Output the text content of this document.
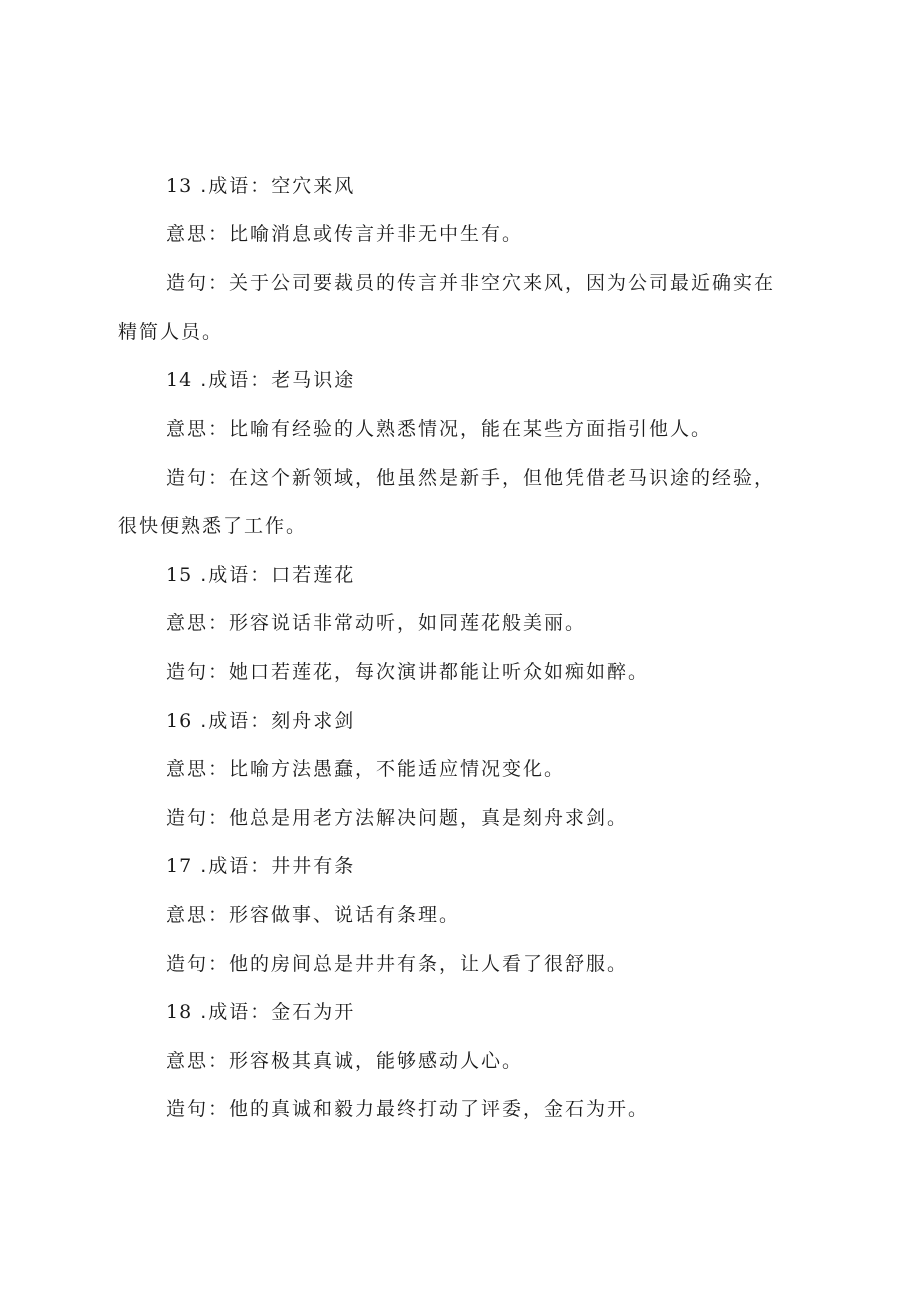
13 .成语：空穴来风
意思：比喻消息或传言并非无中生有。
造句：关于公司要裁员的传言并非空穴来风，因为公司最近确实在
精简人员。
14 .成语：老马识途
意思：比喻有经验的人熟悉情况，能在某些方面指引他人。
造句：在这个新领域，他虽然是新手，但他凭借老马识途的经验，
很快便熟悉了工作。
15 .成语：口若莲花
意思：形容说话非常动听，如同莲花般美丽。
造句：她口若莲花，每次演讲都能让听众如痴如醉。
16 .成语：刻舟求剑
意思：比喻方法愚蠢，不能适应情况变化。
造句：他总是用老方法解决问题，真是刻舟求剑。
17 .成语：井井有条
意思：形容做事、说话有条理。
造句：他的房间总是井井有条，让人看了很舒服。
18 .成语：金石为开
意思：形容极其真诚，能够感动人心。
造句：他的真诚和毅力最终打动了评委，金石为开。
